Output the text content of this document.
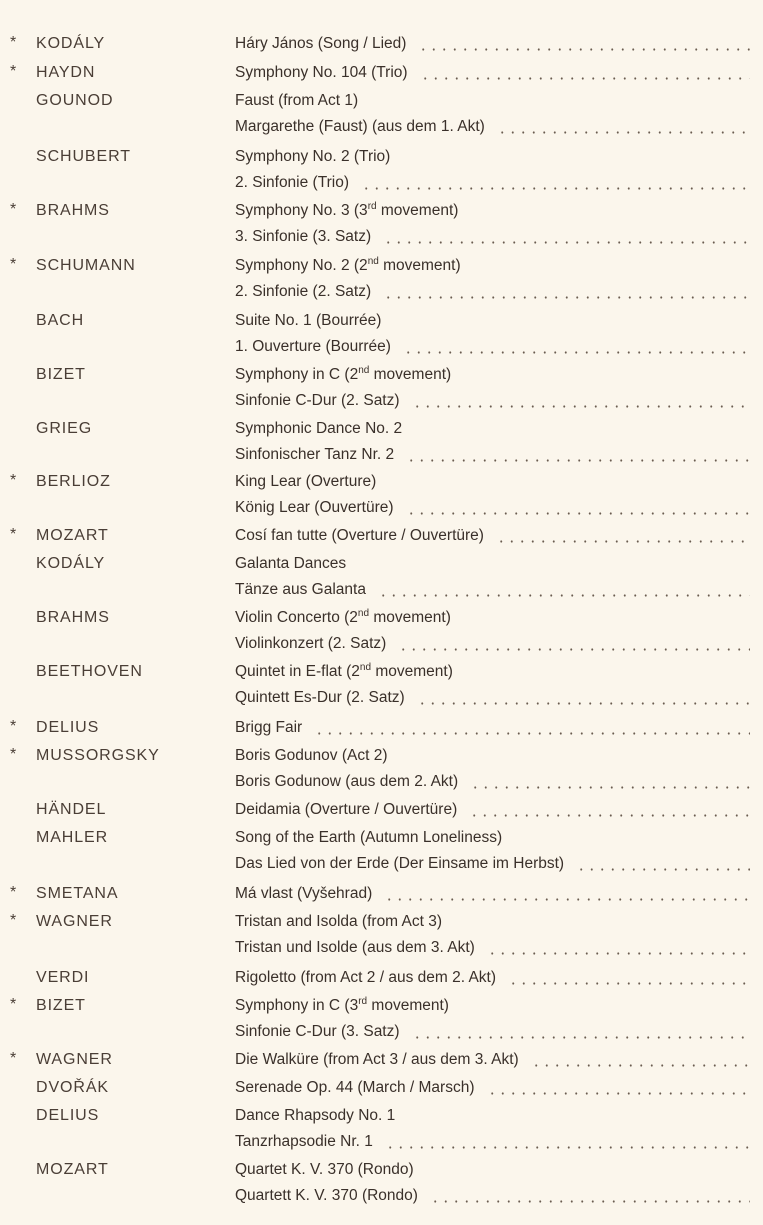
* KODÁLY	Háry János (Song / Lied)
* HAYDN	Symphony No. 104 (Trio)
GOUNOD	Faust (from Act 1)
Margarethe (Faust) (aus dem 1. Akt)
SCHUBERT	Symphony No. 2 (Trio)
2. Sinfonie (Trio)
* BRAHMS	Symphony No. 3 (3rd movement)
3. Sinfonie (3. Satz)
* SCHUMANN	Symphony No. 2 (2nd movement)
2. Sinfonie (2. Satz)
BACH	Suite No. 1 (Bourrée)
1. Ouverture (Bourrée)
BIZET	Symphony in C (2nd movement)
Sinfonie C-Dur (2. Satz)
GRIEG	Symphonic Dance No. 2
Sinfonischer Tanz Nr. 2
* BERLIOZ	King Lear (Overture)
König Lear (Ouvertüre)
* MOZART	Cosí fan tutte (Overture / Ouvertüre)
KODÁLY	Galanta Dances
Tänze aus Galanta
BRAHMS	Violin Concerto (2nd movement)
Violinkonzert (2. Satz)
BEETHOVEN	Quintet in E-flat (2nd movement)
Quintett Es-Dur (2. Satz)
* DELIUS	Brigg Fair
* MUSSORGSKY	Boris Godunov (Act 2)
Boris Godunow (aus dem 2. Akt)
HÄNDEL	Deidamia (Overture / Ouvertüre)
MAHLER	Song of the Earth (Autumn Loneliness)
Das Lied von der Erde (Der Einsame im Herbst)
* SMETANA	Má vlast (Vyšehrad)
* WAGNER	Tristan and Isolda (from Act 3)
Tristan und Isolde (aus dem 3. Akt)
VERDI	Rigoletto (from Act 2 / aus dem 2. Akt)
* BIZET	Symphony in C (3rd movement)
Sinfonie C-Dur (3. Satz)
* WAGNER	Die Walküre (from Act 3 / aus dem 3. Akt)
DVOŘÁK	Serenade Op. 44 (March / Marsch)
DELIUS	Dance Rhapsody No. 1
Tanzrhapsodie Nr. 1
MOZART	Quartet K. V. 370 (Rondo)
Quartett K. V. 370 (Rondo)
